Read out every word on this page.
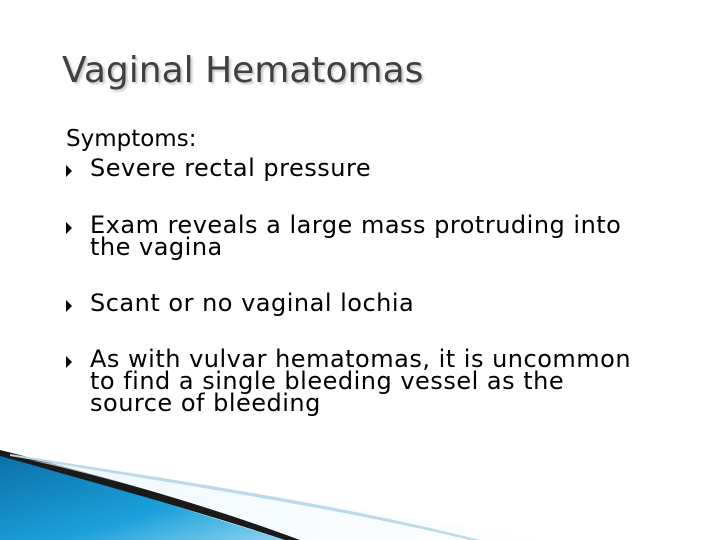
Vaginal Hematomas
Symptoms:
Severe rectal pressure
Exam reveals a large mass protruding into the vagina
Scant or no vaginal lochia
As with vulvar hematomas, it is uncommon to find a single bleeding vessel as the source of bleeding
